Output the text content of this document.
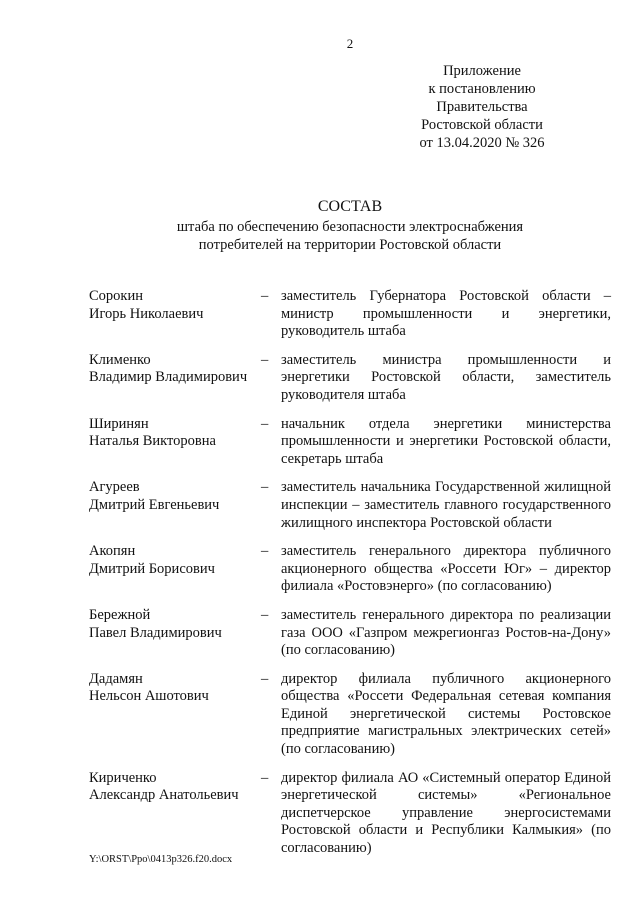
2
Приложение
к постановлению
Правительства
Ростовской области
от 13.04.2020 № 326
СОСТАВ
штаба по обеспечению безопасности электроснабжения
потребителей на территории Ростовской области
Сорокин
Игорь Николаевич
– заместитель Губернатора Ростовской области – министр промышленности и энергетики, руководитель штаба
Клименко
Владимир Владимирович
– заместитель министра промышленности и энергетики Ростовской области, заместитель руководителя штаба
Ширинян
Наталья Викторовна
– начальник отдела энергетики министерства промышленности и энергетики Ростовской области, секретарь штаба
Агуреев
Дмитрий Евгеньевич
– заместитель начальника Государственной жилищной инспекции – заместитель главного государственного жилищного инспектора Ростовской области
Акопян
Дмитрий Борисович
– заместитель генерального директора публичного акционерного общества «Россети Юг» – директор филиала «Ростовэнерго» (по согласованию)
Бережной
Павел Владимирович
– заместитель генерального директора по реализации газа ООО «Газпром межрегионгаз Ростов-на-Дону» (по согласованию)
Дадамян
Нельсон Ашотович
– директор филиала публичного акционерного общества «Россети Федеральная сетевая компания Единой энергетической системы Ростовское предприятие магистральных электрических сетей» (по согласованию)
Кириченко
Александр Анатольевич
– директор филиала АО «Системный оператор Единой энергетической системы» «Региональное диспетчерское управление энергосистемами Ростовской области и Республики Калмыкия» (по согласованию)
Y:\ORST\Ppo\0413p326.f20.docx
